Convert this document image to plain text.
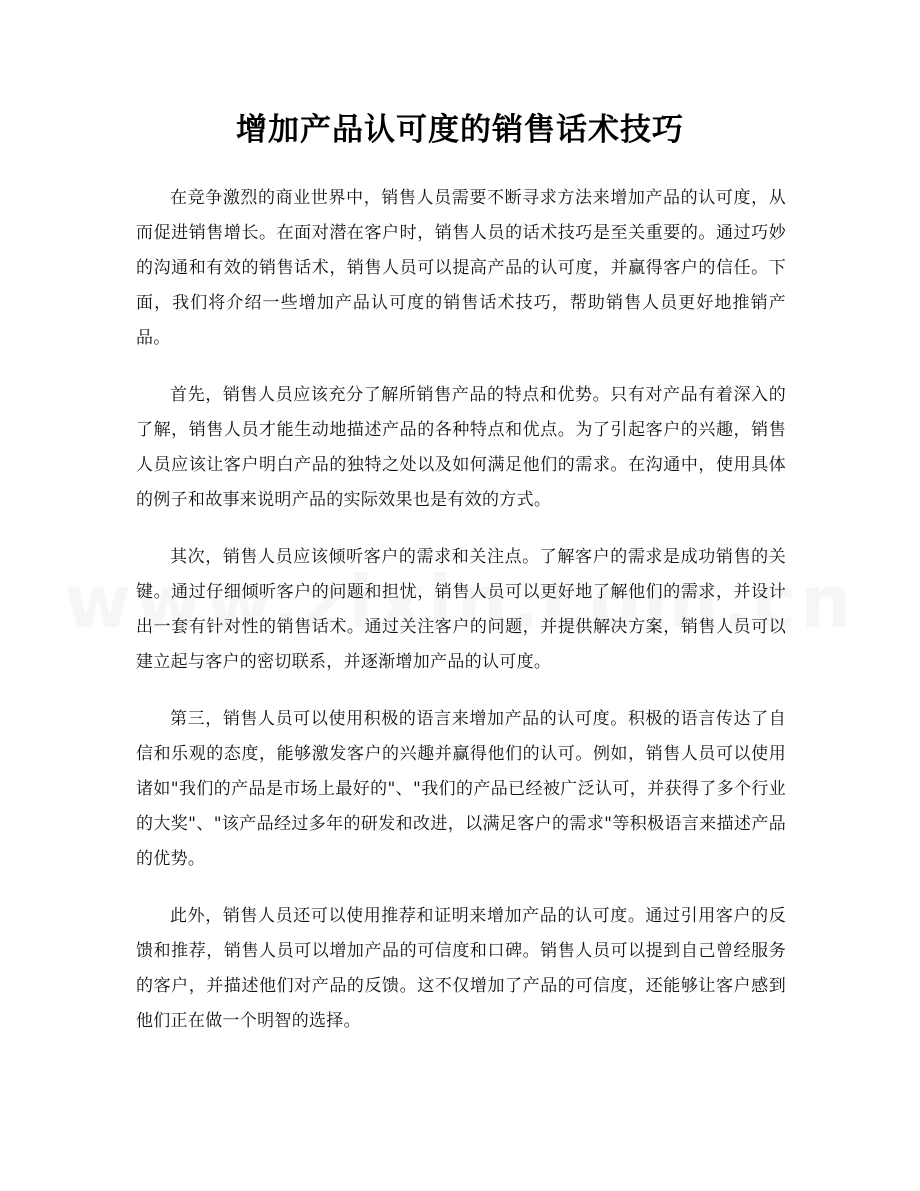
增加产品认可度的销售话术技巧

在竞争激烈的商业世界中，销售人员需要不断寻求方法来增加产品的认可度，从而促进销售增长。在面对潜在客户时，销售人员的话术技巧是至关重要的。通过巧妙的沟通和有效的销售话术，销售人员可以提高产品的认可度，并赢得客户的信任。下面，我们将介绍一些增加产品认可度的销售话术技巧，帮助销售人员更好地推销产品。

首先，销售人员应该充分了解所销售产品的特点和优势。只有对产品有着深入的了解，销售人员才能生动地描述产品的各种特点和优点。为了引起客户的兴趣，销售人员应该让客户明白产品的独特之处以及如何满足他们的需求。在沟通中，使用具体的例子和故事来说明产品的实际效果也是有效的方式。

其次，销售人员应该倾听客户的需求和关注点。了解客户的需求是成功销售的关键。通过仔细倾听客户的问题和担忧，销售人员可以更好地了解他们的需求，并设计出一套有针对性的销售话术。通过关注客户的问题，并提供解决方案，销售人员可以建立起与客户的密切联系，并逐渐增加产品的认可度。

第三，销售人员可以使用积极的语言来增加产品的认可度。积极的语言传达了自信和乐观的态度，能够激发客户的兴趣并赢得他们的认可。例如，销售人员可以使用诸如"我们的产品是市场上最好的"、"我们的产品已经被广泛认可，并获得了多个行业的大奖"、"该产品经过多年的研发和改进，以满足客户的需求"等积极语言来描述产品的优势。

此外，销售人员还可以使用推荐和证明来增加产品的认可度。通过引用客户的反馈和推荐，销售人员可以增加产品的可信度和口碑。销售人员可以提到自己曾经服务的客户，并描述他们对产品的反馈。这不仅增加了产品的可信度，还能够让客户感到他们正在做一个明智的选择。
